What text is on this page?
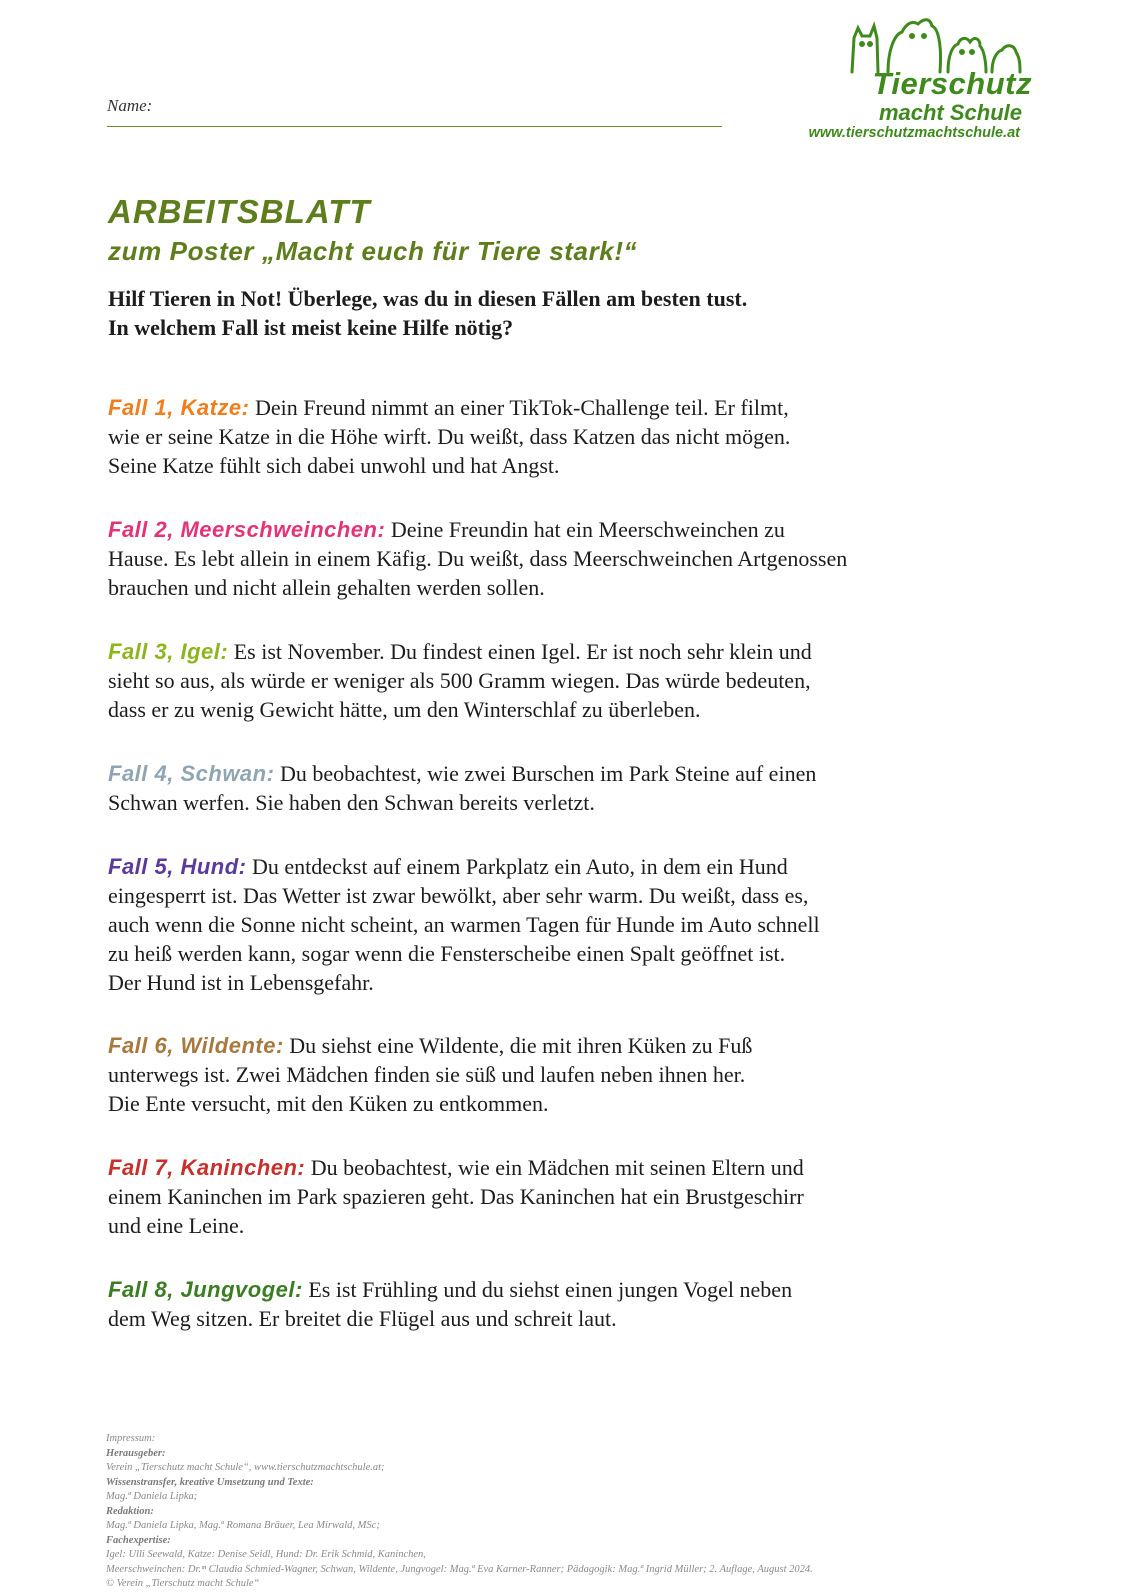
Name:
Tierschutz
macht Schule
www.tierschutzmachtschule.at
ARBEITSBLATT
zum Poster „Macht euch für Tiere stark!“

Hilf Tieren in Not! Überlege, was du in diesen Fällen am besten tust.
In welchem Fall ist meist keine Hilfe nötig?

Fall 1, Katze: Dein Freund nimmt an einer TikTok-Challenge teil. Er filmt,
wie er seine Katze in die Höhe wirft. Du weißt, dass Katzen das nicht mögen.
Seine Katze fühlt sich dabei unwohl und hat Angst.

Fall 2, Meerschweinchen: Deine Freundin hat ein Meerschweinchen zu
Hause. Es lebt allein in einem Käfig. Du weißt, dass Meerschweinchen Artgenossen
brauchen und nicht allein gehalten werden sollen.

Fall 3, Igel: Es ist November. Du findest einen Igel. Er ist noch sehr klein und
sieht so aus, als würde er weniger als 500 Gramm wiegen. Das würde bedeuten,
dass er zu wenig Gewicht hätte, um den Winterschlaf zu überleben.

Fall 4, Schwan: Du beobachtest, wie zwei Burschen im Park Steine auf einen
Schwan werfen. Sie haben den Schwan bereits verletzt.

Fall 5, Hund: Du entdeckst auf einem Parkplatz ein Auto, in dem ein Hund
eingesperrt ist. Das Wetter ist zwar bewölkt, aber sehr warm. Du weißt, dass es,
auch wenn die Sonne nicht scheint, an warmen Tagen für Hunde im Auto schnell
zu heiß werden kann, sogar wenn die Fensterscheibe einen Spalt geöffnet ist.
Der Hund ist in Lebensgefahr.

Fall 6, Wildente: Du siehst eine Wildente, die mit ihren Küken zu Fuß
unterwegs ist. Zwei Mädchen finden sie süß und laufen neben ihnen her.
Die Ente versucht, mit den Küken zu entkommen.

Fall 7, Kaninchen: Du beobachtest, wie ein Mädchen mit seinen Eltern und
einem Kaninchen im Park spazieren geht. Das Kaninchen hat ein Brustgeschirr
und eine Leine.

Fall 8, Jungvogel: Es ist Frühling und du siehst einen jungen Vogel neben
dem Weg sitzen. Er breitet die Flügel aus und schreit laut.

Impressum:
Herausgeber:
Verein „Tierschutz macht Schule“, www.tierschutzmachtschule.at;
Wissenstransfer, kreative Umsetzung und Texte:
Mag.ª Daniela Lipka;
Redaktion:
Mag.ª Daniela Lipka, Mag.ª Romana Bräuer, Lea Mirwald, MSc;
Fachexpertise:
Igel: Ulli Seewald, Katze: Denise Seidl, Hund: Dr. Erik Schmid, Kaninchen,
Meerschweinchen: Dr.ᶦⁿ Claudia Schmied-Wagner, Schwan, Wildente, Jungvogel: Mag.ª Eva Karner-Ranner; Pädagogik: Mag.ª Ingrid Müller; 2. Auflage, August 2024.
© Verein „Tierschutz macht Schule“
